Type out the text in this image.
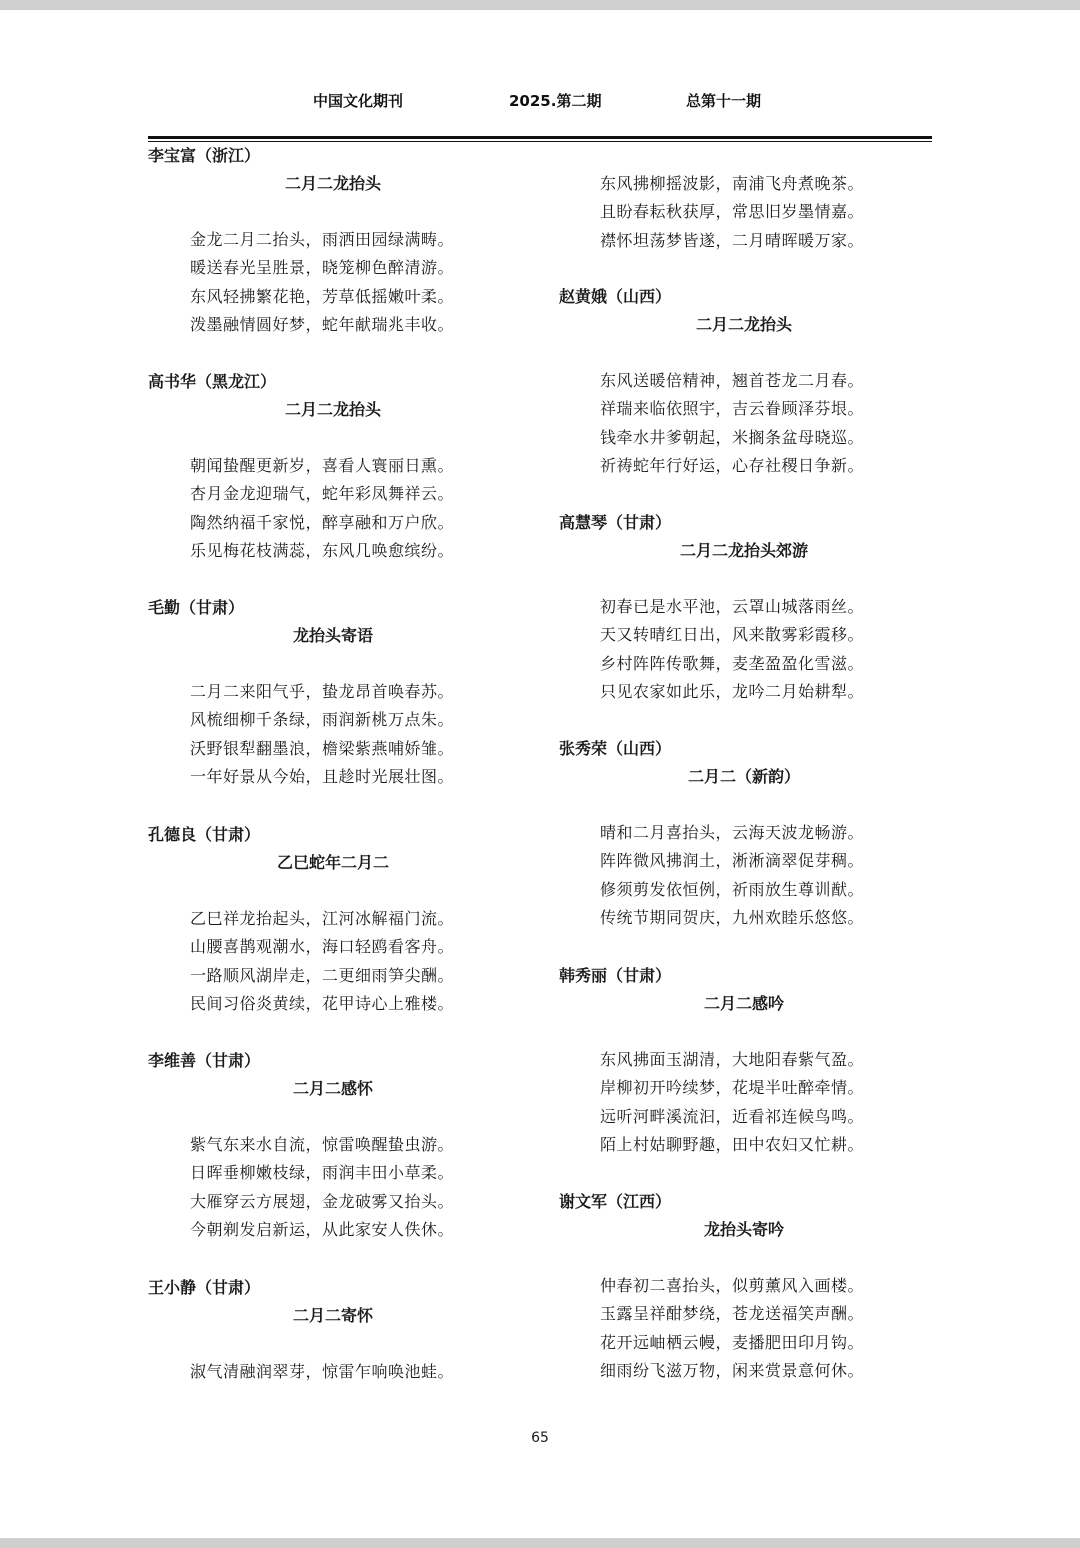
中国文化期刊	2025.第二期	总第十一期
李宝富（浙江）
二月二龙抬头
金龙二月二抬头，雨洒田园绿满畴。
暖送春光呈胜景，晓笼柳色醉清游。
东风轻拂繁花艳，芳草低摇嫩叶柔。
泼墨融情圆好梦，蛇年献瑞兆丰收。
高书华（黑龙江）
二月二龙抬头
朝闻蛰醒更新岁，喜看人寰丽日熏。
杏月金龙迎瑞气，蛇年彩凤舞祥云。
陶然纳福千家悦，醉享融和万户欣。
乐见梅花枝满蕊，东风几唤愈缤纷。
毛勤（甘肃）
龙抬头寄语
二月二来阳气乎，蛰龙昂首唤春苏。
风梳细柳千条绿，雨润新桃万点朱。
沃野银犁翻墨浪，檐梁紫燕哺娇雏。
一年好景从今始，且趁时光展壮图。
孔德良（甘肃）
乙巳蛇年二月二
乙巳祥龙抬起头，江河冰解福门流。
山腰喜鹊观潮水，海口轻鸥看客舟。
一路顺风湖岸走，二更细雨笋尖酬。
民间习俗炎黄续，花甲诗心上雅楼。
李维善（甘肃）
二月二感怀
紫气东来水自流，惊雷唤醒蛰虫游。
日晖垂柳嫩枝绿，雨润丰田小草柔。
大雁穿云方展翅，金龙破雾又抬头。
今朝剃发启新运，从此家安人佚休。
王小静（甘肃）
二月二寄怀
淑气清融润翠芽，惊雷乍响唤池蛙。
东风拂柳摇波影，南浦飞舟煮晚茶。
且盼春耘秋获厚，常思旧岁墨情嘉。
襟怀坦荡梦皆遂，二月晴晖暖万家。
赵黄娥（山西）
二月二龙抬头
东风送暖倍精神，翘首苍龙二月春。
祥瑞来临依照宇，吉云眷顾泽芬垠。
钱牵水井爹朝起，米搁条盆母晓巡。
祈祷蛇年行好运，心存社稷日争新。
高慧琴（甘肃）
二月二龙抬头郊游
初春已是水平池，云罩山城落雨丝。
天又转晴红日出，风来散雾彩霞移。
乡村阵阵传歌舞，麦垄盈盈化雪滋。
只见农家如此乐，龙吟二月始耕犁。
张秀荣（山西）
二月二（新韵）
晴和二月喜抬头，云海天波龙畅游。
阵阵微风拂润土，淅淅滴翠促芽稠。
修须剪发依恒例，祈雨放生尊训猷。
传统节期同贺庆，九州欢睦乐悠悠。
韩秀丽（甘肃）
二月二感吟
东风拂面玉湖清，大地阳春紫气盈。
岸柳初开吟续梦，花堤半吐醉牵情。
远听河畔溪流汩，近看祁连候鸟鸣。
陌上村姑聊野趣，田中农妇又忙耕。
谢文军（江西）
龙抬头寄吟
仲春初二喜抬头，似剪薰风入画楼。
玉露呈祥酣梦绕，苍龙送福笑声酬。
花开远岫栖云幔，麦播肥田印月钩。
细雨纷飞滋万物，闲来赏景意何休。
65
